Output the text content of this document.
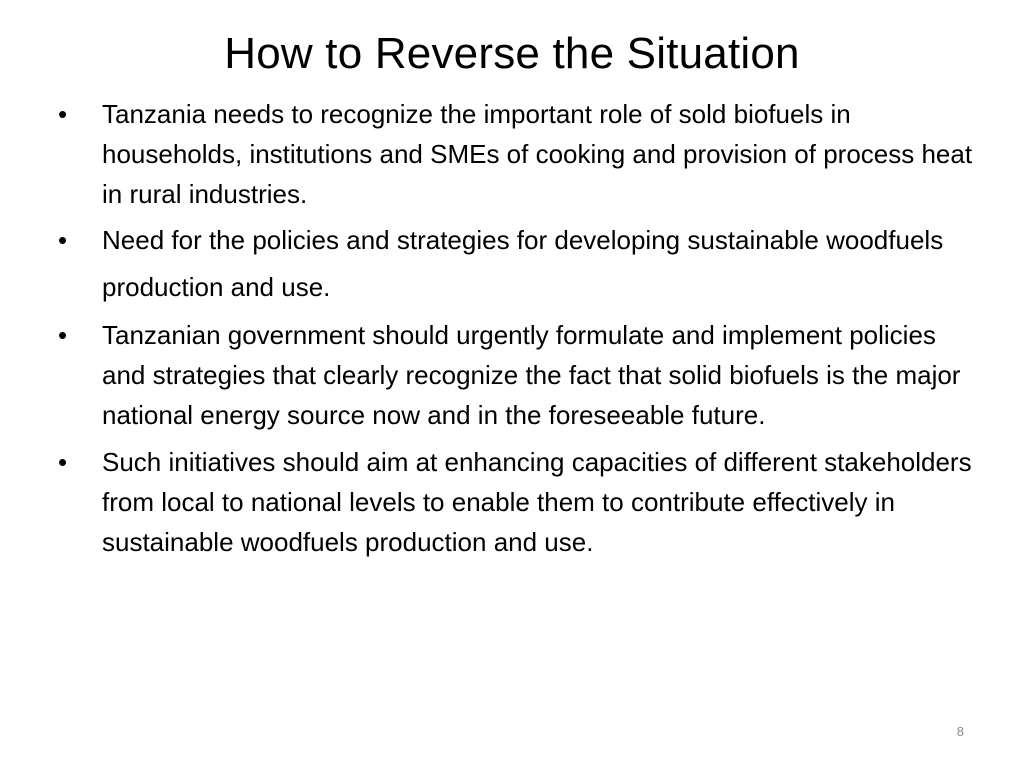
How to Reverse the Situation
•	Tanzania needs to recognize the important role of sold biofuels in households, institutions and SMEs of cooking and provision of process heat in rural industries.
•	Need for the policies and strategies for developing sustainable woodfuels production and use.
•	Tanzanian government should urgently formulate and implement policies and strategies that clearly recognize the fact that solid biofuels is the major national energy source now and in the foreseeable future.
•	Such initiatives should aim at enhancing capacities of different stakeholders from local to national levels to enable them to contribute effectively in sustainable woodfuels production and use.
8
